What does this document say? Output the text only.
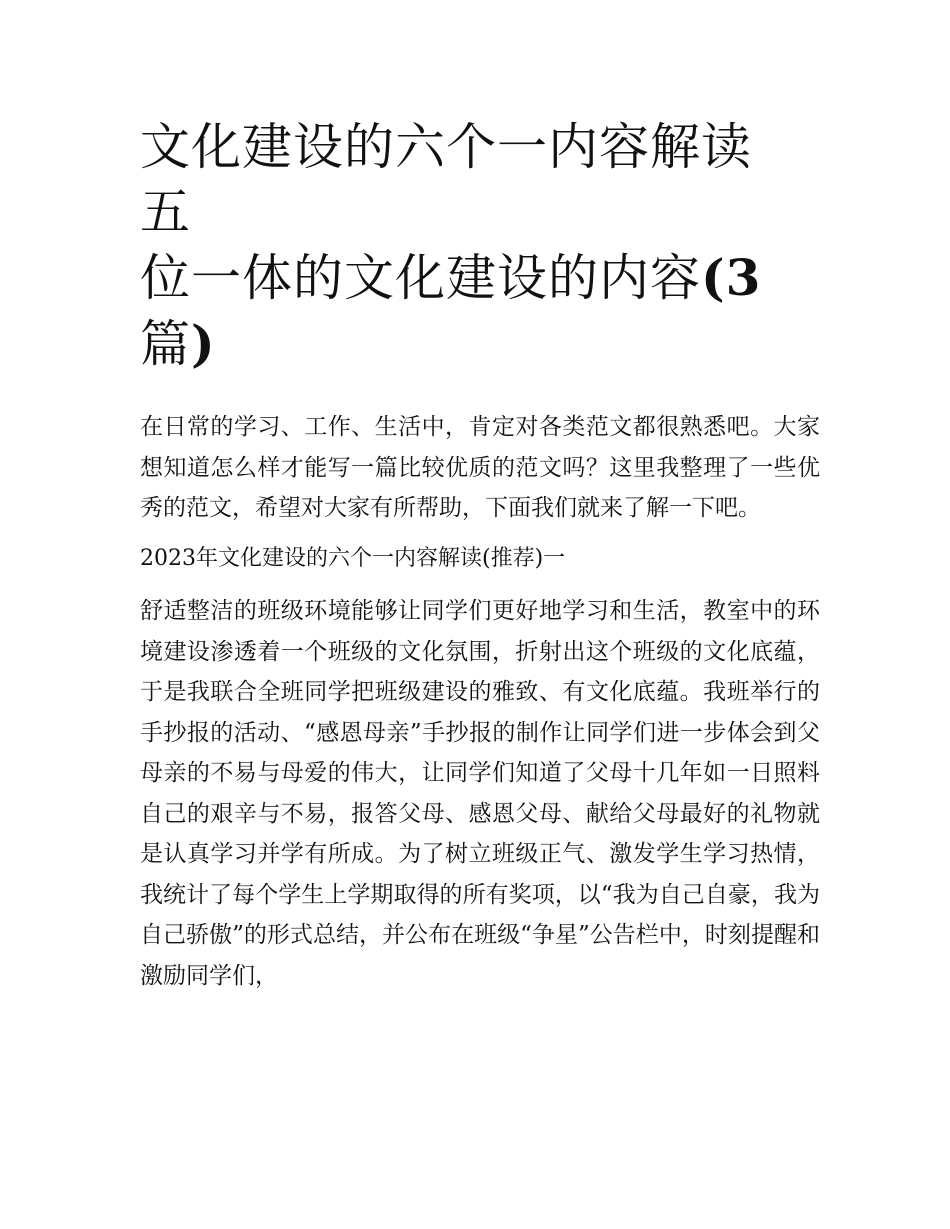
文化建设的六个一内容解读 五
位一体的文化建设的内容(3
篇)

在日常的学习、工作、生活中，肯定对各类范文都很熟悉吧。大家想知道怎么样才能写一篇比较优质的范文吗？这里我整理了一些优秀的范文，希望对大家有所帮助，下面我们就来了解一下吧。

2023年文化建设的六个一内容解读(推荐)一

舒适整洁的班级环境能够让同学们更好地学习和生活，教室中的环境建设渗透着一个班级的文化氛围，折射出这个班级的文化底蕴，于是我联合全班同学把班级建设的雅致、有文化底蕴。我班举行的手抄报的活动、“感恩母亲”手抄报的制作让同学们进一步体会到父母亲的不易与母爱的伟大，让同学们知道了父母十几年如一日照料自己的艰辛与不易，报答父母、感恩父母、献给父母最好的礼物就是认真学习并学有所成。为了树立班级正气、激发学生学习热情，我统计了每个学生上学期取得的所有奖项，以“我为自己自豪，我为自己骄傲”的形式总结，并公布在班级“争星”公告栏中，时刻提醒和激励同学们，
